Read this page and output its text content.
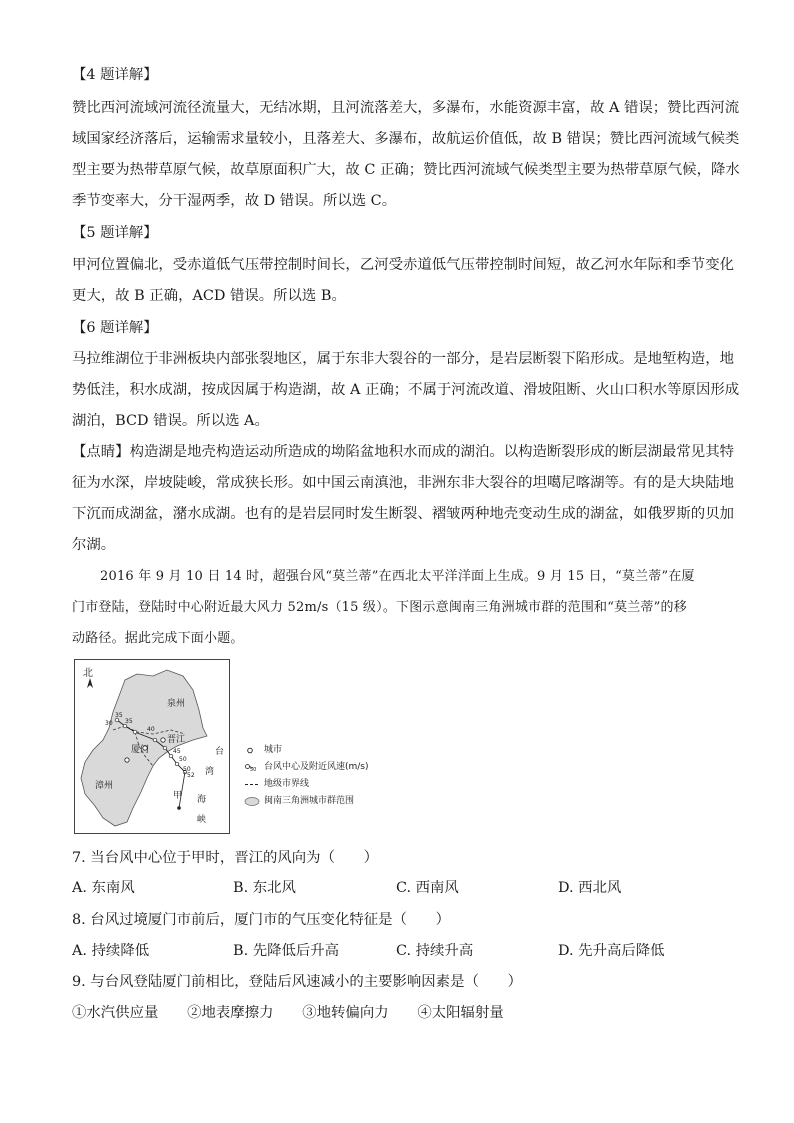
【4 题详解】
赞比西河流域河流径流量大，无结冰期，且河流落差大，多瀑布，水能资源丰富，故 A 错误；赞比西河流
域国家经济落后，运输需求量较小，且落差大、多瀑布，故航运价值低，故 B 错误；赞比西河流域气候类
型主要为热带草原气候，故草原面积广大，故 C 正确；赞比西河流域气候类型主要为热带草原气候，降水
季节变率大，分干湿两季，故 D 错误。所以选 C。
【5 题详解】
甲河位置偏北，受赤道低气压带控制时间长，乙河受赤道低气压带控制时间短，故乙河水年际和季节变化
更大，故 B 正确，ACD 错误。所以选 B。
【6 题详解】
马拉维湖位于非洲板块内部张裂地区，属于东非大裂谷的一部分，是岩层断裂下陷形成。是地堑构造，地
势低洼，积水成湖，按成因属于构造湖，故 A 正确；不属于河流改道、滑坡阻断、火山口积水等原因形成
湖泊，BCD 错误。所以选 A。
【点睛】构造湖是地壳构造运动所造成的坳陷盆地积水而成的湖泊。以构造断裂形成的断层湖最常见其特
征为水深，岸坡陡峻，常成狭长形。如中国云南滇池，非洲东非大裂谷的坦噶尼喀湖等。有的是大块陆地
下沉而成湖盆，潴水成湖。也有的是岩层同时发生断裂、褶皱两种地壳变动生成的湖盆，如俄罗斯的贝加
尔湖。
2016 年 9 月 10 日 14 时，超强台风“莫兰蒂”在西北太平洋洋面上生成。9 月 15 日，“莫兰蒂”在厦
门市登陆，登陆时中心附近最大风力 52m/s（15 级）。下图示意闽南三角洲城市群的范围和“莫兰蒂”的移
动路径。据此完成下面小题。
北
泉州
晋江
漳州
厦门
甲
台
湾
海
峡
30
35
35
40
45
50
50
52
城市
50 台风中心及附近风速(m/s)
地级市界线
闽南三角洲城市群范围
7. 当台风中心位于甲时，晋江的风向为（　　）
A. 东南风	B. 东北风	C. 西南风	D. 西北风
8. 台风过境厦门市前后，厦门市的气压变化特征是（　　）
A. 持续降低	B. 先降低后升高	C. 持续升高	D. 先升高后降低
9. 与台风登陆厦门前相比，登陆后风速减小的主要影响因素是（　　）
①水汽供应量　　②地表摩擦力　　③地转偏向力　　④太阳辐射量
